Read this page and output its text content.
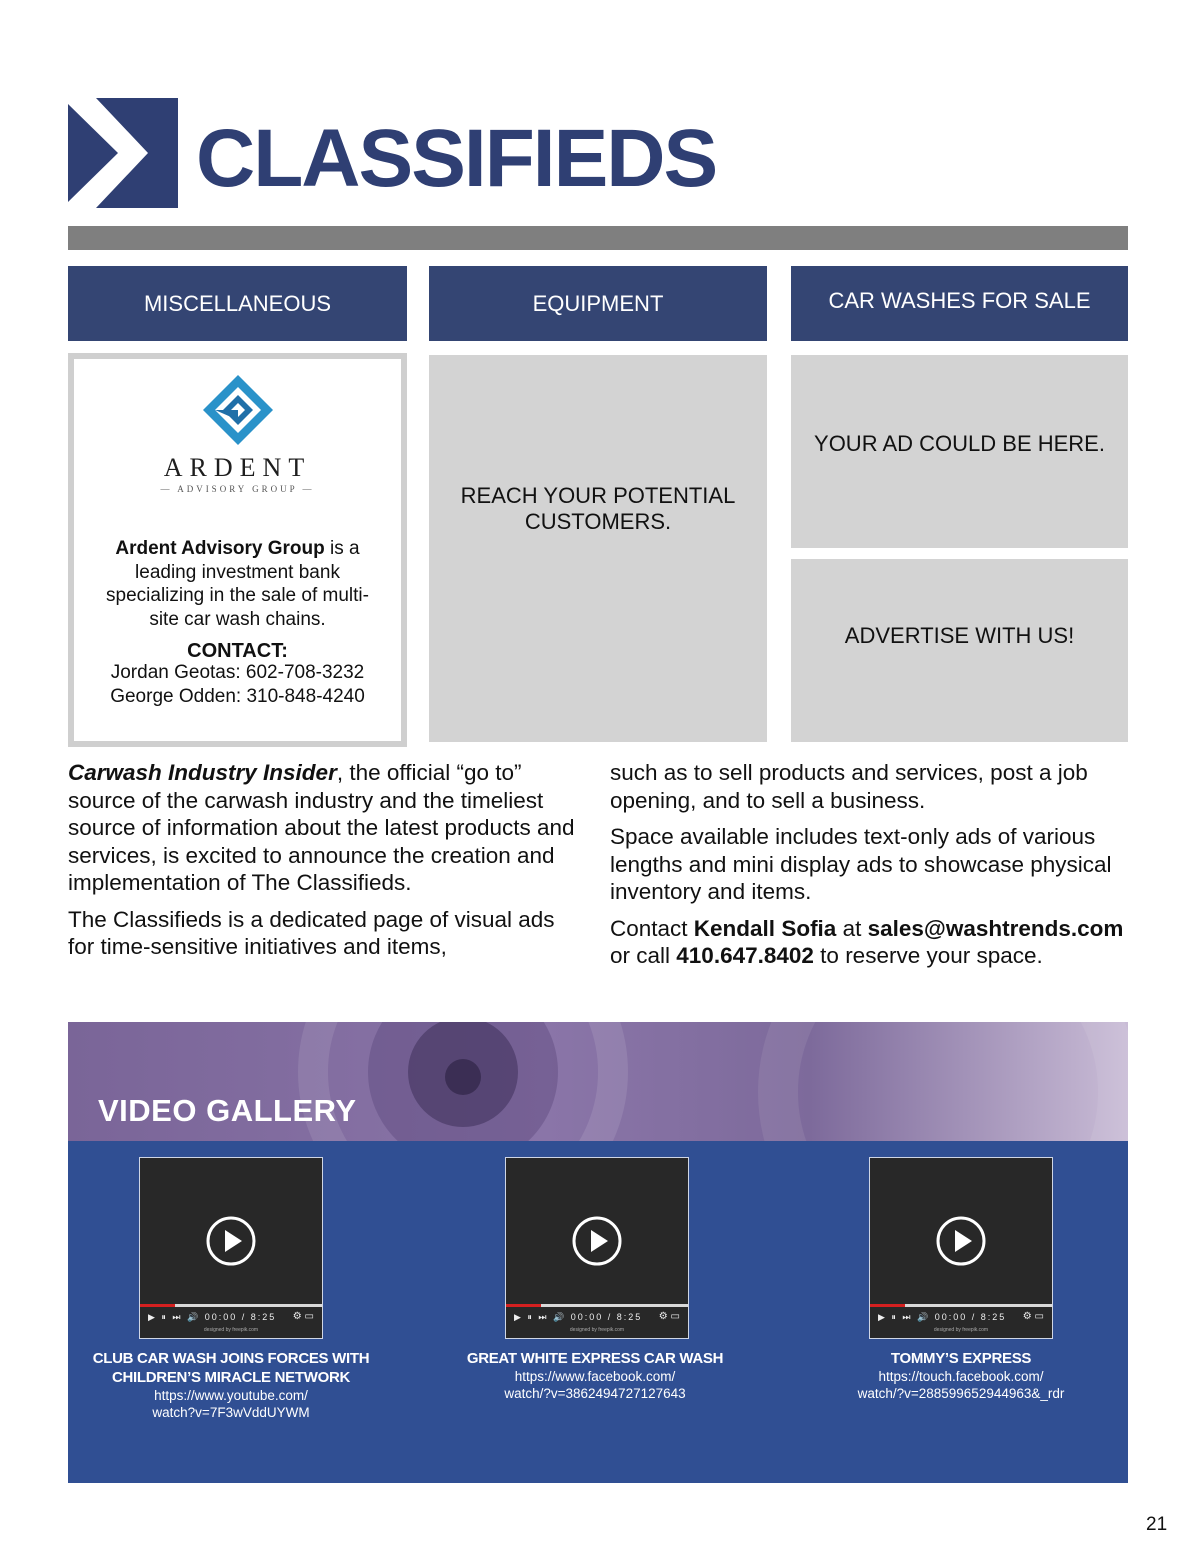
CLASSIFIEDS
MISCELLANEOUS	EQUIPMENT	CAR WASHES FOR SALE
ARDENT
— ADVISORY GROUP —
Ardent Advisory Group is a leading investment bank specializing in the sale of multi-site car wash chains.
CONTACT:
Jordan Geotas: 602-708-3232
George Odden: 310-848-4240
REACH YOUR POTENTIAL
CUSTOMERS.
YOUR AD COULD BE HERE.
ADVERTISE WITH US!

Carwash Industry Insider, the official “go to” source of the carwash industry and the timeliest source of information about the latest products and services, is excited to announce the creation and implementation of The Classifieds.

The Classifieds is a dedicated page of visual ads for time-sensitive initiatives and items,

such as to sell products and services, post a job opening, and to sell a business.

Space available includes text-only ads of various lengths and mini display ads to showcase physical inventory and items.

Contact Kendall Sofia at sales@washtrends.com or call 410.647.8402 to reserve your space.

VIDEO GALLERY
▶ ⏸ ⏭ 🔊 00:00 / 8:25 ⚙ ▭
designed by freepik.com
CLUB CAR WASH JOINS FORCES WITH
CHILDREN’S MIRACLE NETWORK
https://www.youtube.com/
watch?v=7F3wVddUYWM
▶ ⏸ ⏭ 🔊 00:00 / 8:25 ⚙ ▭
designed by freepik.com
GREAT WHITE EXPRESS CAR WASH
https://www.facebook.com/
watch/?v=3862494727127643
▶ ⏸ ⏭ 🔊 00:00 / 8:25 ⚙ ▭
designed by freepik.com
TOMMY’S EXPRESS
https://touch.facebook.com/
watch/?v=288599652944963&_rdr
21
